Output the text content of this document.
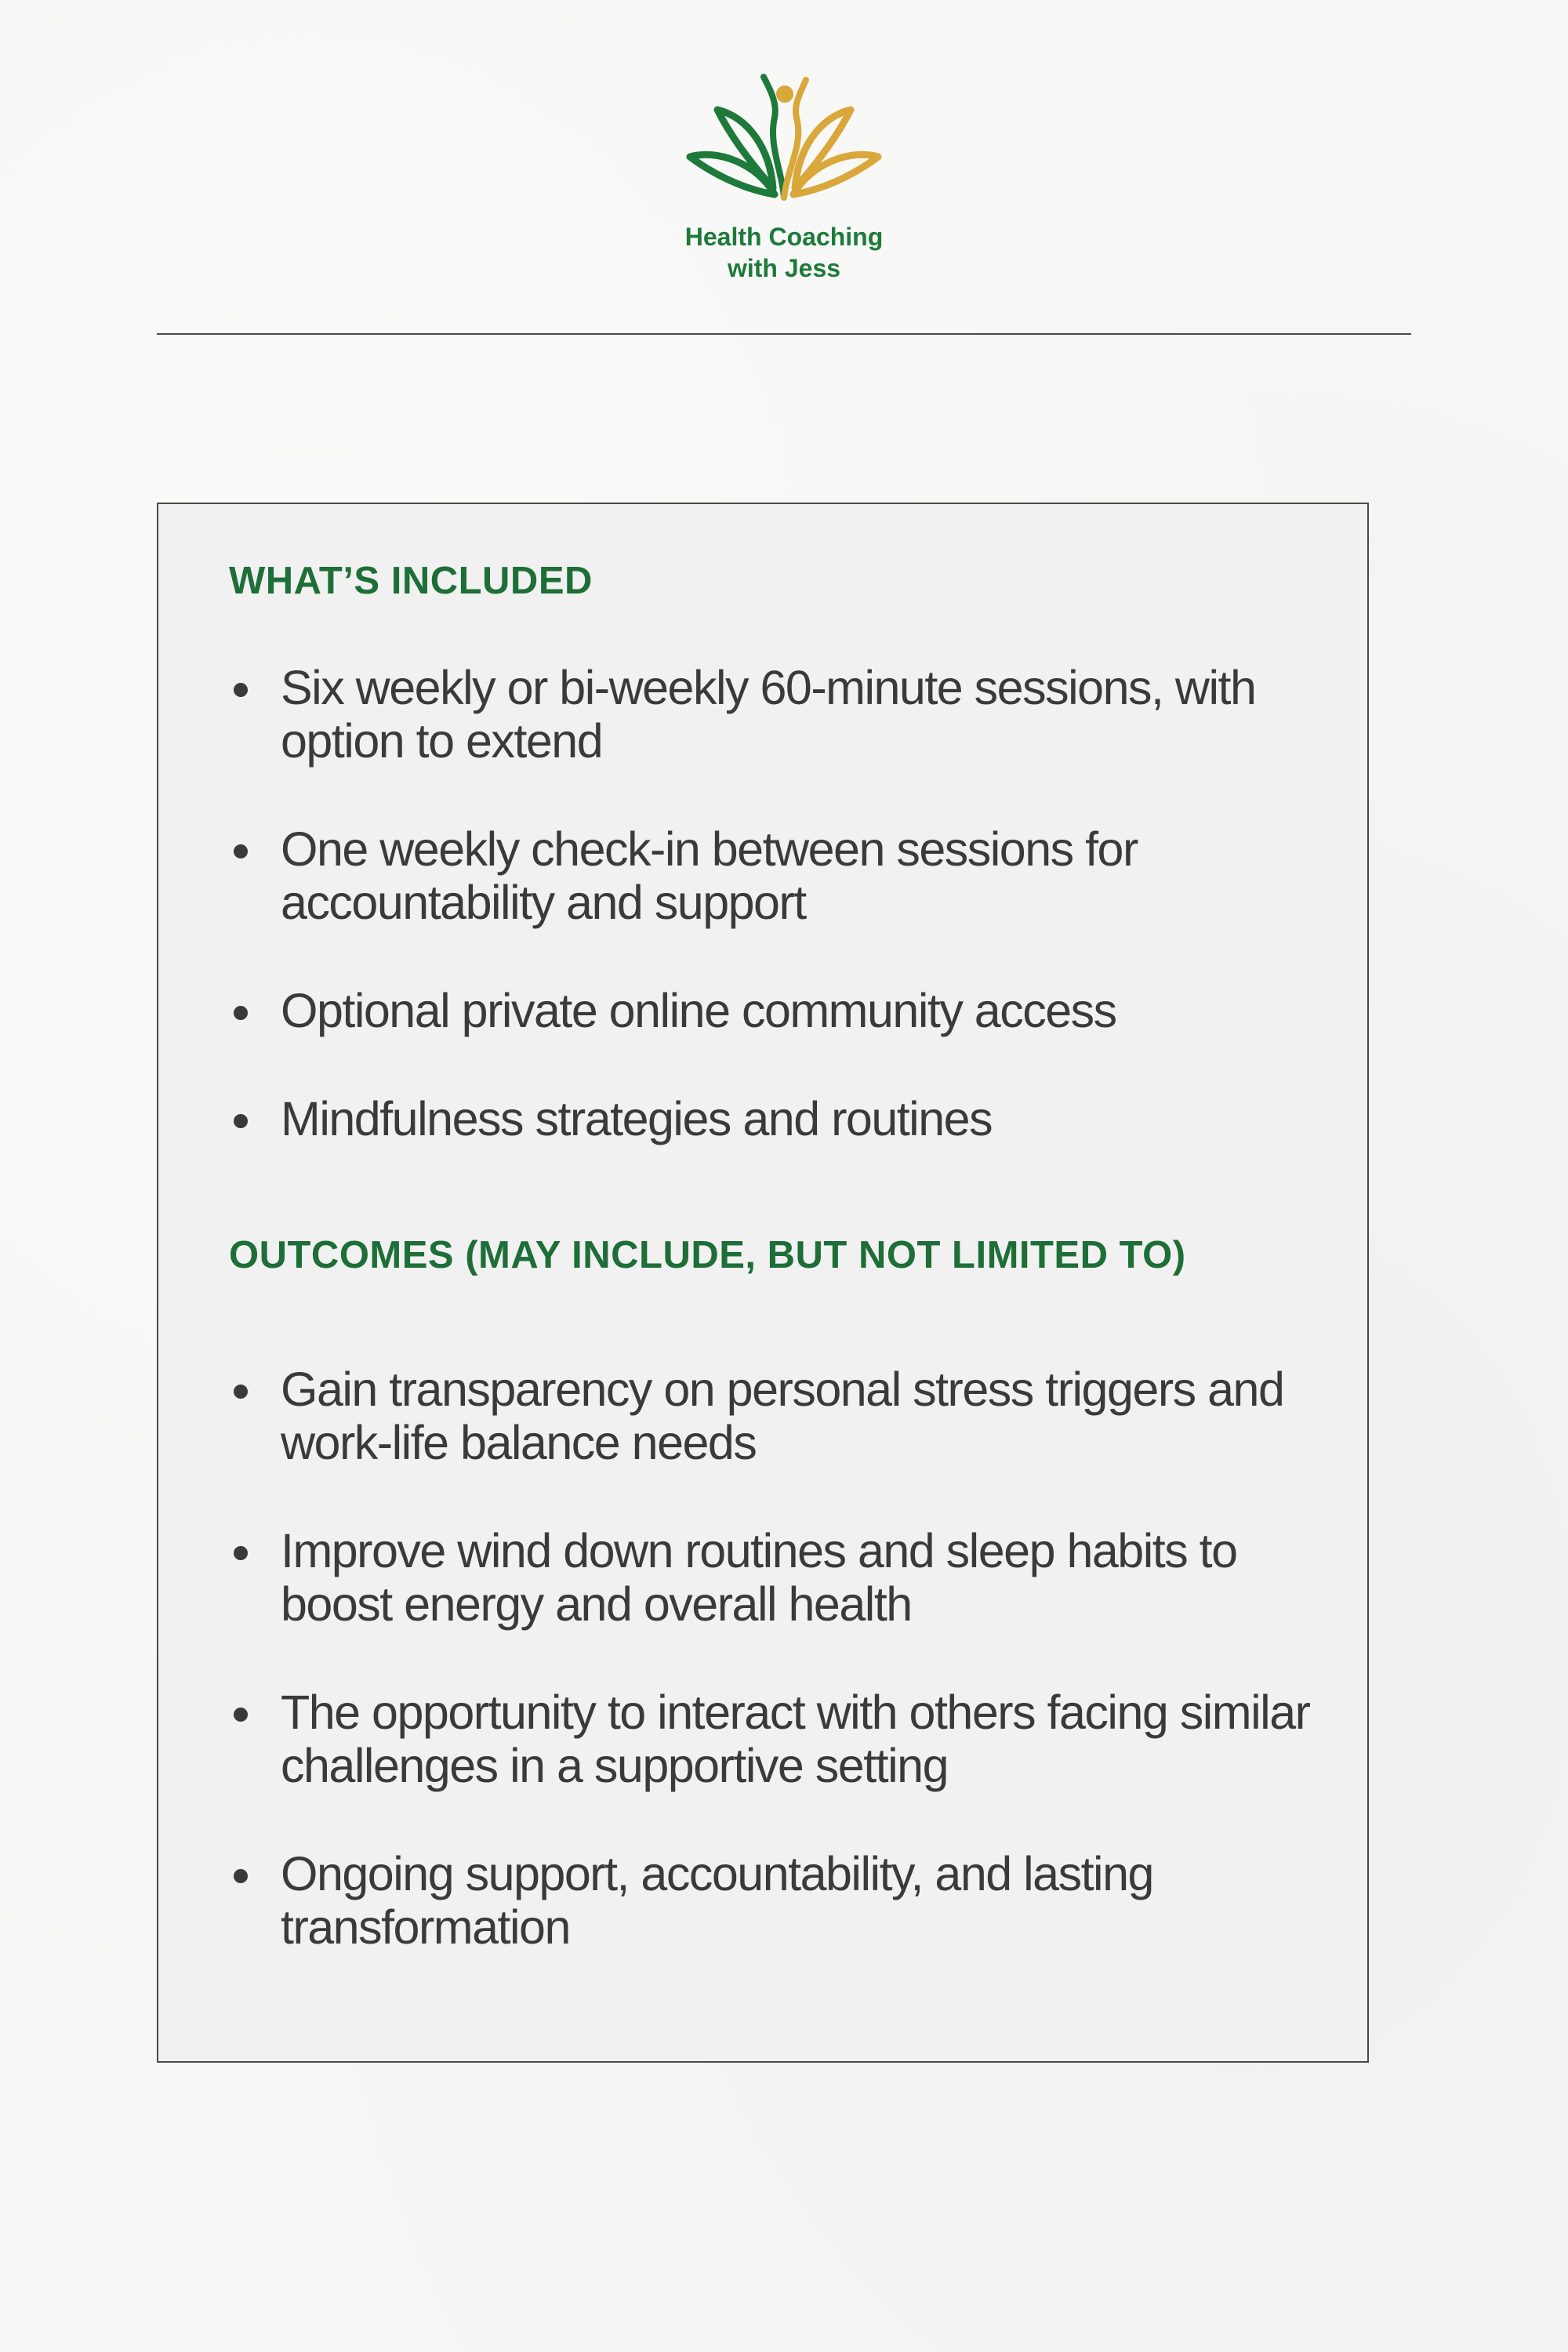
Health Coaching
with Jess
WHAT’S INCLUDED
Six weekly or bi-weekly 60-minute sessions, with option to extend
One weekly check-in between sessions for accountability and support
Optional private online community access
Mindfulness strategies and routines
OUTCOMES (MAY INCLUDE, BUT NOT LIMITED TO)
Gain transparency on personal stress triggers and work-life balance needs
Improve wind down routines and sleep habits to boost energy and overall health
The opportunity to interact with others facing similar challenges in a supportive setting
Ongoing support, accountability, and lasting transformation
